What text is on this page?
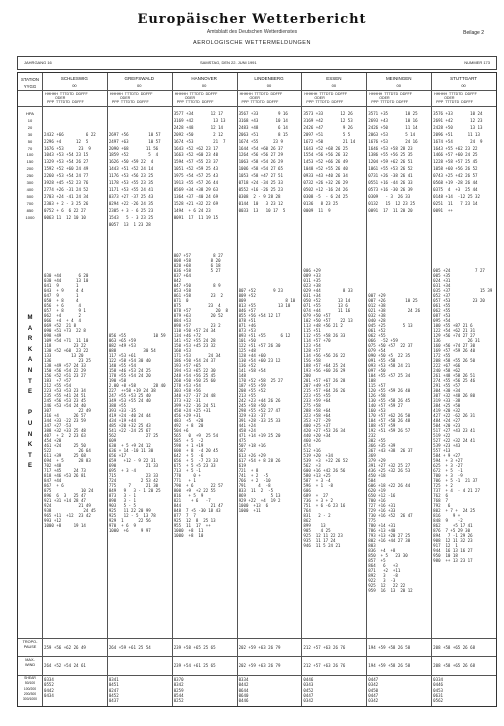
Europäischer Wetterbericht
Amtsblatt des Deutschen Wetterdienstes
AEROLOGISCHE WETTERMELDUNGEN
Beilage 2
JAHRGANG 16	SAMSTAG, DEN 22. JUNI 1991	NUMMER 173
STATION
YYGG
HPA
10
20
30
50
70
100
150
200
250
300
400
500
700
850
1000
M
A
R
K
A
N
T
E

P
U
N
K
T
E
TROPO-
PAUSE
MAX-
WIND
SHEAR
50/100
100/200
200/300
300/1000
SCHLESWIG
00
HHHHH  TTTDTD  DDFFF
ODER
PPP  TTTDTD  DDFFF

2432 +66         6 22
2296 +4      12  5
1676 +53      23  9
1043 +53 +54 23 15
1329 +53 +54 26 27
1592 +52 +60 24 49
2260 +53 +54 24 77
3928 +45 +52 23 76
2774 +26 -31 24 52
2703 +24 -41 24 34
2303 + 2 - 3 25 26
0752 + 6  6 22 27
0063 11  12 10 10

030 +44       6 20
030 +44      13 10
041  9       1
043  + 9     4 4
047  9       1
050  + 8     4
056  + 6      4
057  + 8      9 1
062  +4       2
066  +4  + 4  4
069 +52  21 8
090 +51 +73  22 8
098 +49
109 +54 +71  11 10
118         23 22
130 +52 +60  23 22
133        13 20
136           23 25
138 +49 +57 24 33
150 +56 +54 22 29
156 +52 +51 23 27
183  +7 +57
212 +55 +54
223 +53 +53 23 34
235 +55 +41 24 51
245 +56 +53 23 45
246 +53 +54 24 40
307           22 49
316 +4      26 57
344 +33 -22 23 59
347 +27 -53
388 +32 +33 25 48
407  + 2  2 23 63
454 +20
461 +24     25 50
522           26 64
611 +39     25 68
694  + 5      28 83
702 +48
717 +45     24 73
818 +46 +53 26 81
847 +44
867  + 6
875            10 24
896  6  3   25 47
921 +31 +14 28 47
924           21 49
938             24 45
965 +11  +12  23 42
993 +12
1000 +8     19 14
259 +56 +62 26 49
264 +52 +54 24 61
0334
0552
0442
0434
GREIFSWALD
00
HHHHH  TTTDTD  DDFFF
ODER
PPP  TTTDTD  DDFFF

2697 +56        10 57
2497 +63        10 57
2090 +68       11 56
1859 +52        5  4
1626 +50 +59 22  4
1443 +51 +52 24 14
1176 +53 +56 23 25
1178 +53 +55 23 35
1171 +53 +55 24 41
0373 +27 -37 25 43
0294 +22 -26 24 35
2305 + 3 - 6 25 23
1543   5 - 3 23 25
0057  13  1 23 28

056 +55           10 59
063 +65 +59
082 +49 +53
088           30 54
117 +53 +61
122 +58 +54 30 40
140 +55 +54
158 +46 +53 24 25
178 +55 +54 24 20
190 +58
2.00 +8 +58       28 40
227  ++58 +19 24 38
247 +55 +53 25 40
349 +53 +55 24 40
388 +55
393 +33 -35
419 +24 -40 24 44
434 +19 +44
485 +20 +32 25 43
541 +22 -24 25 67
562            27 25
609
630  + 5 +9 24 12
636 + 14 -10 11 30
656 +17
659   +12 - 9 22 31
690            21 33
695  + 3 -4
715            23 33
724          2 53 42
775     7      21 30
849   9   3 - 1 20 25
873   3 - 1
898   3 - 1
903   5 - 5
925   11 22 20 99
925   12 - 5  13 78
929  1      22 56
970  + 6  9
1000  +6     9 97
264 +59 +61 25 54
0341
0451
0247
0452
0437
HANNOVER
00
HHHHH  TTTDTD  DDFFF
ODER
PPP  TTTDTD  DDFFF
3577 +34       12 17
3169 +42        13 13
2428 +48       12 14
2092 +50        2 12
1674 +53        21  7
1643 +52 +62 23 17
1663 +52 +60 23 40
1594 +57 +55 23 37
1051 +52 +59 25 43
1975 +54 +57 25 43
1913 +55 +57 26 44
0569 +34 +38 29 63
1364 +37 -40 24 69
1528 +21 +32 22 69
1494  + 6 24 23
0091  17  11 19 15

007 +57         8 27
008 +58        8 20
020 +68        6 18
036 +58        5 27
037 +64
042
047 +50         8 9
053 +58
061 +58        23  2
071  0
075           23  4
078 +57          20  8
079 +63        20 52
084 +53
098 +57        23 2
110 +50 +57 24 34
134 +46 +72
141 +52 +55 24 28
150 +53 +45 23 32
160 +53
171 +53       24 34
186 +50 +54 24 37
193 +57 +65
194 +53 +65 22 30
248 +54 +56 25 45
260 +50 +50 25 60
278 +53 +54
303 +58 +56
340 +27 -37 24 48
373 +32 -31
399 +22 -16 24 51
450 +24 +25 +31
456 +29 +31
483  +5  +20
492  + 8  20
504 +6
565   0  +9  25 54
585  + 5  -2
598  + 1 +19
600  + 8  -4 20 45
642  + 5  -6
656  + 5  -7 23 33
675  + 5 +5 23 33
713  + 5 -1
770     0 +
771   + 1
790  + 6       22 57
800  +9  +2 22 55
816   + 5  9
821    + 6   -7
844            21 47
848  7 +5 -30 18 43
877  7  7
925  12  8  25 13
955  11  17  ++
1000  +8  11
1000  +8  10
239 +58 +65 25 65
239 +54 +61 25 65
0370
0342
0259
0544
0252
LINDENBERG
00
HHHHH  TTTDTD  DDFFF
ODER
PPP  TTTDTD  DDFFF
3567 +33        9 16
3168 +43       10 14
2483 +48        6 14
2063 +51        8 15
1674 +55      23 9
1644 +54 +60 26 37
1264 +56 +56 27 29
1063 +58 +54 26 29
1006 +58 +54 27 65
1053 +58 +47 27 51
0718 +24 -34 25 33
0552 +16 -26 25 23
0308  2 - 9 28 28
0144  10   3 23 12
0033  13   10 17  5

007 +52       9 23
009 +52
009                8 10
013 +55         13 18
046 +57
055 +56 +54 12 17
078 +51
071 +46
073 +53
093 +51 +55      6 12
101 +50
122 +51 +57 26 30
125 +48
128 +44 +60
130 +54 +60 23 12
136 +52
141 +58 +54
148
170 +52 +58  25 27
187 +55 +59
208 +55 +52
213 +55
242 +23 +44 26 26
245 +58 +50
298 +55 +52 27 47
329 +33 -37
391 +28 -33 25 33
441 +24
458 +24
471 +14 +19 25 20
475
507 +18 +16
567
613 +26 +29
617 +54 + 8 28 26
619
721  + 8
741  + 2  -5
766  + 2  -10
791     4  -8
833  11  2  -5
869          5 13
929 +22  +4  19 2
1000  +13  6
1000  +11
202 +59 +63 26 79
202 +59 +63 26 79
0334
0442
0644
0640
0446
ESSEN
00
HHHHH  TTTDTD  DDFFF
ODER
PPP  TTTDTD  DDFFF
3573 +33       12 26
3169 +42       12 53
2426 +47        9 26
2097 +51        5 5
1672 +50        21 14
1643 +52 +68 26 25
1554 +56 +56 26 32
1453 +52 +66 26 49
1048 +52 +55 26 40
0933 +43 +40 26 34
0732 +26 +32 26 29
0502 +12 -16 24 26
0308 -5  - 6 24 25
0136   8 23 25
0009  11  9

006 +29
009 +33
011 +35
023 +38
029 +44         8 33
031 +34
050 +52       13 14
071 +55       13 6
074 +44       11 16
079 +50 +57
102 +50 +57    22 13
113 +48 +56 21 2
115 +51
112 +55 +58 26 33
114 +57 +70
123 +54
128 +57
134 +56 +56 26 22
156 +58
188 +57 +64 25 24
193 +56 +60 26 29
200
201 +57 +67 26 28
207 +49 +57
215 +57 +64 26 26
223 +55 +55
233 +59 +64
275 +58
288 +58 +64
323 +58 +64
353 +27 -29
400 +25 +37
420 +27 +53 26 34
440 +20 +34
460 +26
474
512 +16
519 +20  +34
539  +3  +22 26 52
562  +3
600 +16 +42 26 56
580 +13 +25
587  + 3 -4
596  + 1  -8
606
689  +  27
736  + 3 + 2
751  + 6 -6 23 16
764
831   2 - 2
862
899    13
905    4 25
925  12 11 22 23
935  11 17 24
946  11 5 24 21
212 +57 +63 26 76
212 +57 +63 26 76
0446
0343
0452
0447
0342
MEININGEN
00
HHHHH  TTTDTD  DDFFF
ODER
PPP  TTTDTD  DDFFF
3571 +35       10 25
2693 +43       10 16
2426 +50       11 14
2063 +53       5 14
1676 +53       24 16
1646 +53 +58 28 23
1386 +55 +56 25 35
1204 +59 +62 26 51
1061 +55 +53 26 52
0731 +26 -38 26 41
0551 +16 -44 26 33
0573 +16 -30 26 39
0309   - 3  26 33
0132   15  12 23 25
0091  17  11 20 20

007 +29
007 +26        10 25
012 +38
021 +38         24 26
032 +38
040 +28
045 +25       5 13
061 +52
062 +55
066  -52 +59
075 +50 +57  22 37
079 +54
090 +50 +5  22 35
091 +55 +58
093 +53 +58 24 21
097 +50
104 +55 +57 25 34
108
115 +57
120 +55 +59 26 40
126 +58
130 +55 +58 26 45
140 +57 +59 27
160 +53
170 +57 +62 26 50
184 +57 +58 26 48
188 +57 +59
192 +51 +59 26 57
232
302 +55
366 +35 +39
367 +43 +38  26 37
369
379 +29
391 +27 +32 25 27
436 +25 +32 26 53
450 +18
584
606 +18 +22 26 44
620 +19
650 +12 -16
700 +16
727 +16 +31
729 +16 +33
730 +16 +52  26 47
775
780 +14 +31
786 +13 +40
793 +13 +20 27 25
802 +16 +44 27 30
803
836  +4  +8
850  + 5   23 30
857  +5
864   6   +3
871   +2  +11
892   3   -8
922   3  -3
925  12   22 22
959  16  13  20 12
194 +59 +58 26 58
194 +59 +58 26 58
0447
0342
0450
0447
0342
STUTTGART
00
HHHHH  TTTDTD  DDFFF
ODER
PPP  TTTDTD  DDFFF
3576 +33       10 24
2691 +42       12 23
2428 +50       13 13
2096 +51      11 13
1674 +54       24  9
1643 +55 +62 23 22
1466 +57 +60 24 25
1228 +58 +57 25 45
1058 +60 +56 26 52
0743 +25 +42 26 57
0568 +19 -28 26 44
0375  4  +3  25 44
0148 +14  -12 25 32
0251  11   7 23 14
0091  ++

005 +24          7 27
005 +35
024 +31
031 +34
035 +37            15 39
052 +37
057 +53         23 20
061 +55
062 +55
087 +53
095 +54
100 +55 +87 21 6
122 +54 +62 21 31
129 +56 +74 27 27
136           26 31
160 +56 +74 27 30
169 +57 +59 26 40
172 +55
208 +58 +55 26 50
222 +67 +66
240 +58 +62
261 +48 +58 26 51
274 +55 +56 25 46
291 +55 +57
304 +30 +34
307 +32 +48 26 80
319 +33 -38
384 +25 +50
419 +20 +32
427 +22 -62 26 31
484 +24 +27
504 +20 +23
517 +27 +43 23 41
519 +22
527 +22 +32 24 41
539 +23 +43
557 +13
584 + 9 +27
594  + 3 +27
625  + 3 -27
672  + 5  -1
700  + 3  -9
706  + 5 -1  21 37
725  + 2
737  + 4  - 4 21 27
762  6
768  7
792   6
802  + 7 +  24 25
816     9 +
848  9    -2
862     +5 17 41
876  7 +5 29 30
894   7 -1 29 26
908  12 11 32 23
917  12  1
944  16 13 16 27
950  10 18
980  ++ 13 23 17
208 +58 +65 26 68
208 +58 +65 26 68
0334
0446
0453
0631
0562
